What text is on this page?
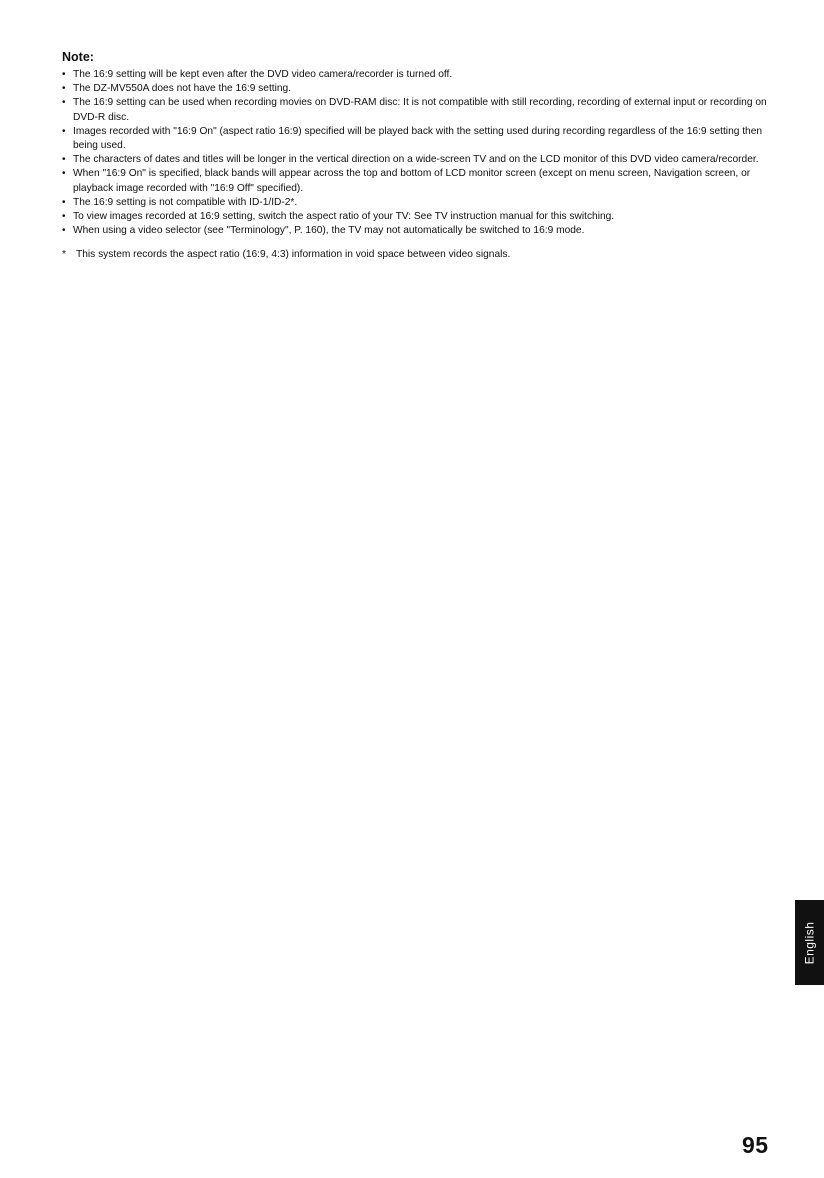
Note:
• The 16:9 setting will be kept even after the DVD video camera/recorder is turned off.
• The DZ-MV550A does not have the 16:9 setting.
• The 16:9 setting can be used when recording movies on DVD-RAM disc: It is not compatible with still recording, recording of external input or recording on DVD-R disc.
• Images recorded with "16:9 On" (aspect ratio 16:9) specified will be played back with the setting used during recording regardless of the 16:9 setting then being used.
• The characters of dates and titles will be longer in the vertical direction on a wide-screen TV and on the LCD monitor of this DVD video camera/recorder.
• When "16:9 On" is specified, black bands will appear across the top and bottom of LCD monitor screen (except on menu screen, Navigation screen, or playback image recorded with "16:9 Off" specified).
• The 16:9 setting is not compatible with ID-1/ID-2*.
• To view images recorded at 16:9 setting, switch the aspect ratio of your TV: See TV instruction manual for this switching.
• When using a video selector (see "Terminology", P. 160), the TV may not automatically be switched to 16:9 mode.
* This system records the aspect ratio (16:9, 4:3) information in void space between video signals.
English
95
